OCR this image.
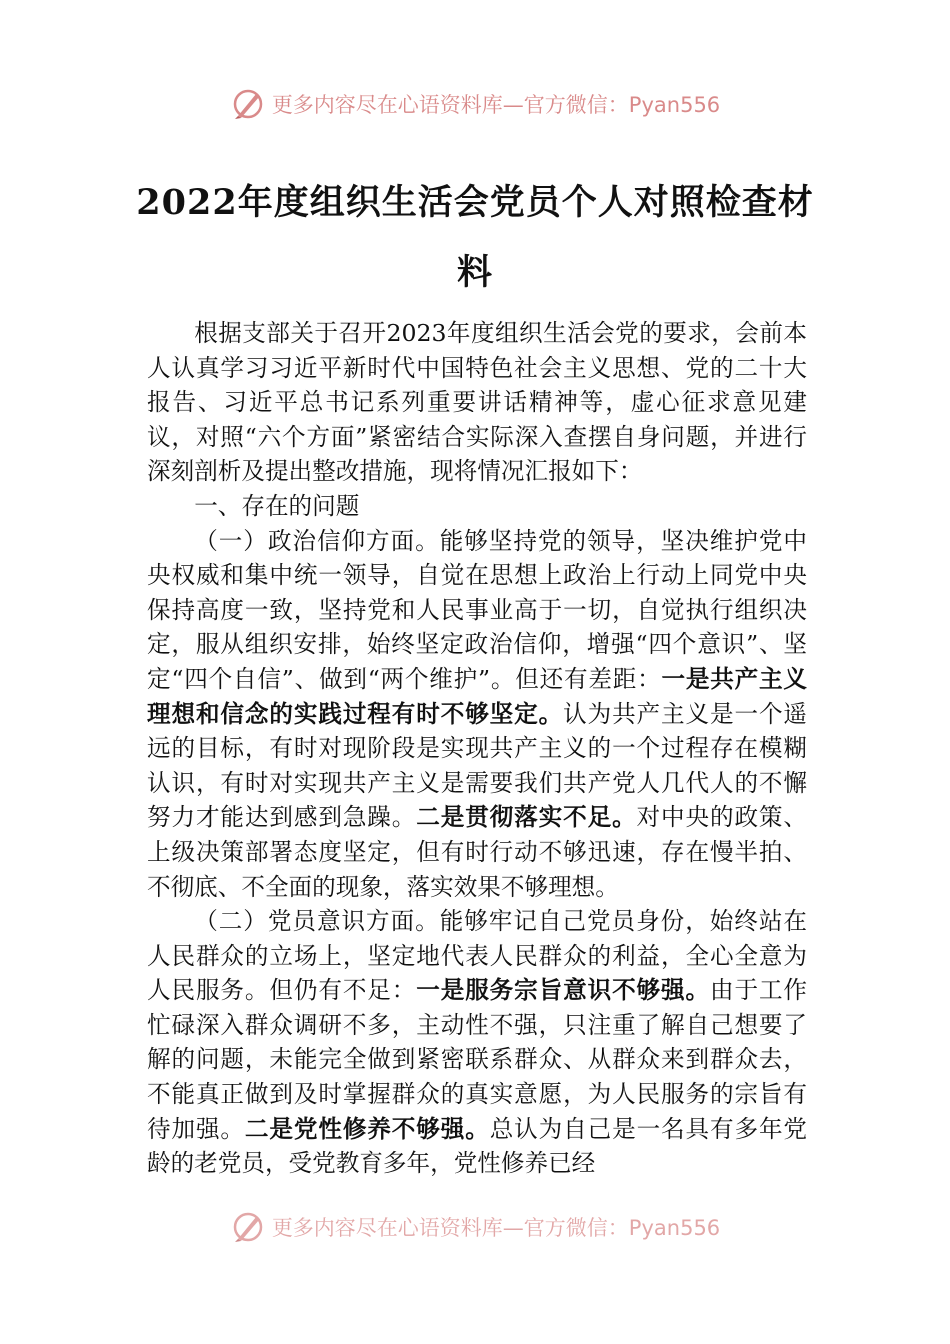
更多内容尽在心语资料库—官方微信：Pyan556
2022年度组织生活会党员个人对照检查材料

根据支部关于召开2023年度组织生活会党的要求，会前本人认真学习习近平新时代中国特色社会主义思想、党的二十大报告、习近平总书记系列重要讲话精神等，虚心征求意见建议，对照“六个方面”紧密结合实际深入查摆自身问题，并进行深刻剖析及提出整改措施，现将情况汇报如下：

一、存在的问题

（一）政治信仰方面。能够坚持党的领导，坚决维护党中央权威和集中统一领导，自觉在思想上政治上行动上同党中央保持高度一致，坚持党和人民事业高于一切，自觉执行组织决定，服从组织安排，始终坚定政治信仰，增强“四个意识”、坚定“四个自信”、做到“两个维护”。但还有差距：一是共产主义理想和信念的实践过程有时不够坚定。认为共产主义是一个遥远的目标，有时对现阶段是实现共产主义的一个过程存在模糊认识，有时对实现共产主义是需要我们共产党人几代人的不懈努力才能达到感到急躁。二是贯彻落实不足。对中央的政策、上级决策部署态度坚定，但有时行动不够迅速，存在慢半拍、不彻底、不全面的现象，落实效果不够理想。

（二）党员意识方面。能够牢记自己党员身份，始终站在人民群众的立场上，坚定地代表人民群众的利益，全心全意为人民服务。但仍有不足：一是服务宗旨意识不够强。由于工作忙碌深入群众调研不多，主动性不强，只注重了解自己想要了解的问题，未能完全做到紧密联系群众、从群众来到群众去，不能真正做到及时掌握群众的真实意愿，为人民服务的宗旨有待加强。二是党性修养不够强。总认为自己是一名具有多年党龄的老党员，受党教育多年，党性修养已经

更多内容尽在心语资料库—官方微信：Pyan556
